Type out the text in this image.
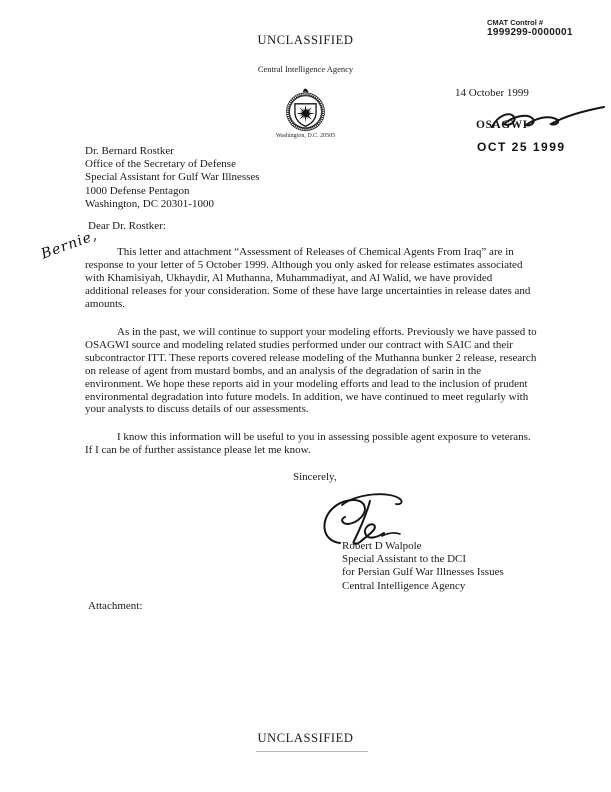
UNCLASSIFIED
CMAT Control #
1999299-0000001
Central Intelligence Agency
Washington, D.C. 20505
14 October 1999
OSAGWI
OCT 25 1999
Dr. Bernard Rostker
Office of the Secretary of Defense
Special Assistant for Gulf War Illnesses
1000 Defense Pentagon
Washington, DC 20301-1000
Dear Dr. Rostker:
Bernie,	This letter and attachment “Assessment of Releases of Chemical Agents From Iraq” are in response to your letter of 5 October 1999. Although you only asked for release estimates associated with Khamisiyah, Ukhaydir, Al Muthanna, Muhammadiyat, and Al Walid, we have provided additional releases for your consideration. Some of these have large uncertainties in release dates and amounts.

As in the past, we will continue to support your modeling efforts. Previously we have passed to OSAGWI source and modeling related studies performed under our contract with SAIC and their subcontractor ITT. These reports covered release modeling of the Muthanna bunker 2 release, research on release of agent from mustard bombs, and an analysis of the degradation of sarin in the environment. We hope these reports aid in your modeling efforts and lead to the inclusion of prudent environmental degradation into future models. In addition, we have continued to meet regularly with your analysts to discuss details of our assessments.

I know this information will be useful to you in assessing possible agent exposure to veterans. If I can be of further assistance please let me know.

Sincerely,
Robert D Walpole
Special Assistant to the DCI
for Persian Gulf War Illnesses Issues
Central Intelligence Agency
Attachment:
UNCLASSIFIED
